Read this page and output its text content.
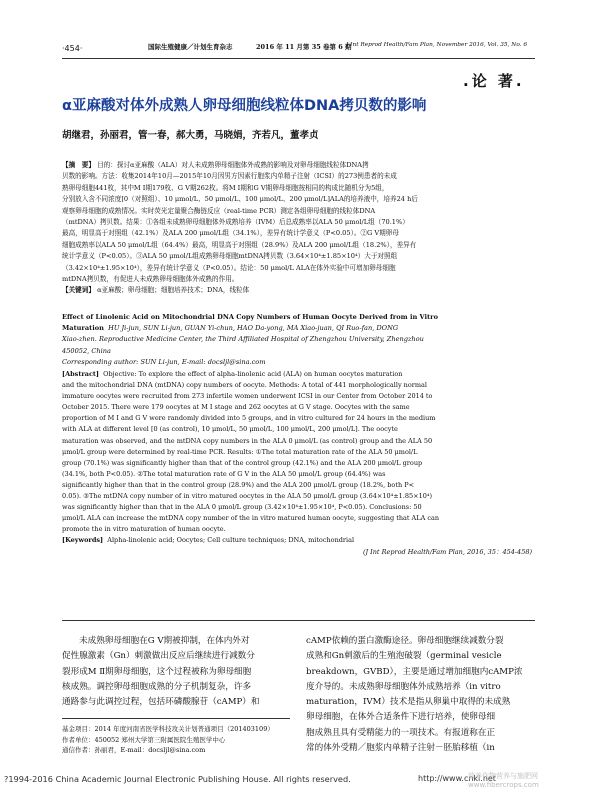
·454·	国际生殖健康／计划生育杂志	2016 年 11 月第 35 卷第 6 期
J Int Reprod Health/Fam Plan, November 2016, Vol. 35, No. 6
.论 著.
α亚麻酸对体外成熟人卵母细胞线粒体DNA拷贝数的影响
胡继君，孙丽君，管一春，郝大勇，马晓娟，齐若凡，董孝贞
【摘　要】 目的：探讨α亚麻酸（ALA）对人未成熟卵母细胞体外成熟的影响及对卵母细胞线粒体DNA拷
贝数的影响。方法：收集2014年10月—2015年10月因男方因素行胞浆内单精子注射（ICSI）的273例患者的未成
熟卵母细胞441枚，其中M Ⅰ期179枚、G Ⅴ期262枚。将M Ⅰ期和G Ⅴ期卵母细胞按相同的构成比随机分为5组，
分别放入含不同浓度[0（对照组）、10 μmol/L、50 μmol/L、100 μmol/L、200 μmol/L]ALA的培养液中，培养24 h后
观察卵母细胞的成熟情况。实时荧光定量聚合酶链反应（real-time PCR）测定各组卵母细胞的线粒体DNA
（mtDNA）拷贝数。结果：①各组未成熟卵母细胞体外成熟培养（IVM）后总成熟率以ALA 50 μmol/L组（70.1%）
最高，明显高于对照组（42.1%）及ALA 200 μmol/L组（34.1%），差异有统计学意义（P<0.05）。②G Ⅴ期卵母
细胞成熟率以ALA 50 μmol/L组（64.4%）最高，明显高于对照组（28.9%）及ALA 200 μmol/L组（18.2%），差异有
统计学意义（P<0.05）。③ALA 50 μmol/L组成熟卵母细胞mtDNA拷贝数（3.64×10⁴±1.85×10⁴）大于对照组
（3.42×10⁴±1.95×10⁴），差异有统计学意义（P<0.05）。结论：50 μmol/L ALA在体外实验中可增加卵母细胞
mtDNA拷贝数，有促进人未成熟卵母细胞体外成熟的作用。
【关键词】 α亚麻酸；卵母细胞；细胞培养技术；DNA，线粒体
Effect of Linolenic Acid on Mitochondrial DNA Copy Numbers of Human Oocyte Derived from in Vitro
Maturation HU Ji-jun, SUN Li-jun, GUAN Yi-chun, HAO Da-yong, MA Xiao-juan, QI Ruo-fan, DONG
Xiao-zhen. Reproductive Medicine Center, the Third Affiliated Hospital of Zhengzhou University, Zhengzhou
450052, China
Corresponding author: SUN Li-jun, E-mail: docsljl@sina.com
[Abstract] Objective: To explore the effect of alpha-linolenic acid (ALA) on human oocytes maturation
and the mitochondrial DNA (mtDNA) copy numbers of oocyte. Methods: A total of 441 morphologically normal
immature oocytes were recruited from 273 infertile women underwent ICSI in our Center from October 2014 to
October 2015. There were 179 oocytes at M Ⅰ stage and 262 oocytes at G Ⅴ stage. Oocytes with the same
proportion of M Ⅰ and G Ⅴ were randomly divided into 5 groups, and in vitro cultured for 24 hours in the medium
with ALA at different level [0 (as control), 10 μmol/L, 50 μmol/L, 100 μmol/L, 200 μmol/L]. The oocyte
maturation was observed, and the mtDNA copy numbers in the ALA 0 μmol/L (as control) group and the ALA 50
μmol/L group were determined by real-time PCR. Results: ①The total maturation rate of the ALA 50 μmol/L
group (70.1%) was significantly higher than that of the control group (42.1%) and the ALA 200 μmol/L group
(34.1%, both P<0.05). ②The total maturation rate of G Ⅴ in the ALA 50 μmol/L group (64.4%) was
significantly higher than that in the control group (28.9%) and the ALA 200 μmol/L group (18.2%, both P<
0.05). ③The mtDNA copy number of in vitro matured oocytes in the ALA 50 μmol/L group (3.64×10⁴±1.85×10⁴)
was significantly higher than that in the ALA 0 μmol/L group (3.42×10⁴±1.95×10⁴, P<0.05). Conclusions: 50
μmol/L ALA can increase the mtDNA copy number of the in vitro matured human oocyte, suggesting that ALA can
promote the in vitro maturation of human oocyte.
[Keywords] Alpha-linolenic acid; Oocytes; Cell culture techniques; DNA, mitochondrial
(J Int Reprod Health/Fam Plan, 2016, 35：454-458)
未成熟卵母细胞在G Ⅴ期被抑制，在体内外对
促性腺激素（Gn）刺激做出反应后继续进行减数分
裂形成M Ⅱ期卵母细胞，这个过程被称为卵母细胞
核成熟。调控卵母细胞成熟的分子机制复杂，许多
通路参与此调控过程，包括环磷酸腺苷（cAMP）和
cAMP依赖的蛋白激酶途径。卵母细胞继续减数分裂
成熟和Gn刺激后的生殖泡破裂（germinal vesicle
breakdown，GVBD），主要是通过增加细胞内cAMP浓
度介导的。未成熟卵母细胞体外成熟培养（in vitro
maturation，IVM）技术是指从卵巢中取得的未成熟
卵母细胞，在体外合适条件下进行培养，使卵母细
胞成熟且具有受精能力的一项技术。有报道称在正
常的体外受精／胞浆内单精子注射－胚胎移植（in
基金项目：2014 年度河南省医学科技攻关计划普通项目（201403109）
作者单位：450052 郑州大学第三附属医院生殖医学中心
通信作者：孙丽君，E-mail：docsljl@sina.com
?1994-2016 China Academic Journal Electronic Publishing House. All rights reserved.	http://www.cnki.net
营养作物营养与施肥网 www.fibercrops.com
